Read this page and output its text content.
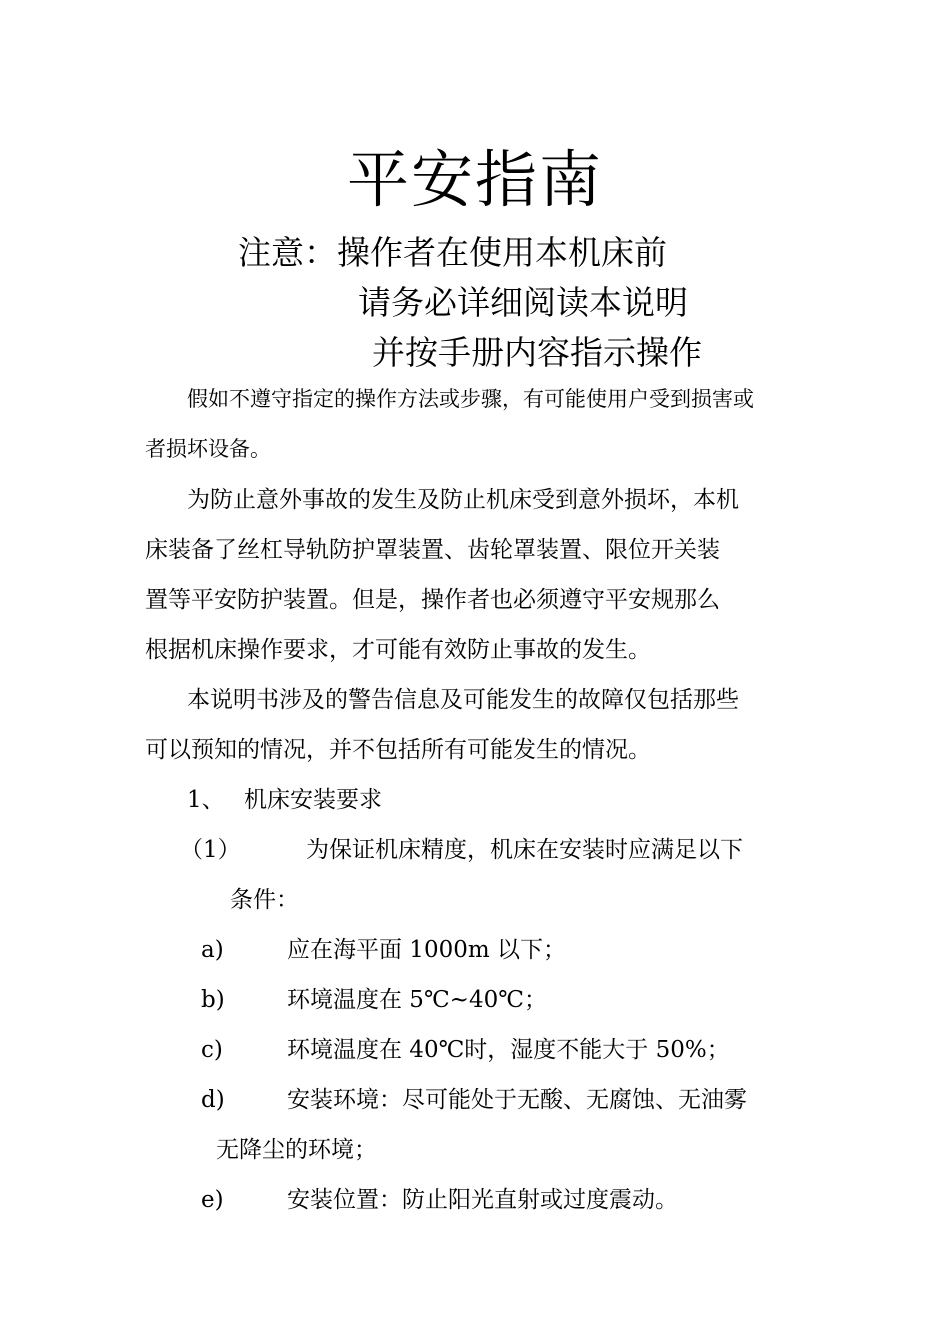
平安指南
注意：操作者在使用本机床前
请务必详细阅读本说明
并按手册内容指示操作
假如不遵守指定的操作方法或步骤，有可能使用户受到损害或
者损坏设备。
为防止意外事故的发生及防止机床受到意外损坏，本机
床装备了丝杠导轨防护罩装置、齿轮罩装置、限位开关装
置等平安防护装置。但是，操作者也必须遵守平安规那么
根据机床操作要求，才可能有效防止事故的发生。
本说明书涉及的警告信息及可能发生的故障仅包括那些
可以预知的情况，并不包括所有可能发生的情况。
1、 机床安装要求
（1）	为保证机床精度，机床在安装时应满足以下
条件：
a)	应在海平面 1000m 以下；
b)	环境温度在 5℃~40℃；
c)	环境温度在 40℃时，湿度不能大于 50%；
d)	安装环境：尽可能处于无酸、无腐蚀、无油雾
无降尘的环境；
e)	安装位置：防止阳光直射或过度震动。
